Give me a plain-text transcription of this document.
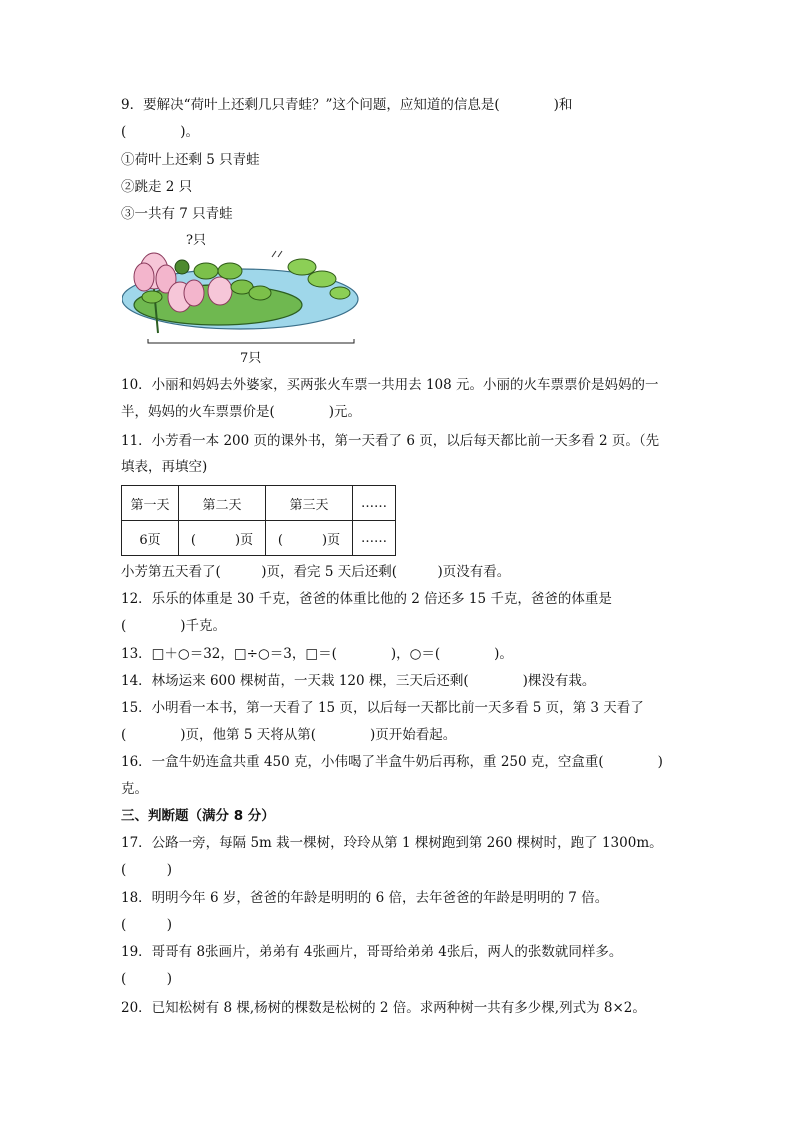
9．要解决“荷叶上还剩几只青蛙？”这个问题，应知道的信息是(　　　　)和
(　　　　)。
①荷叶上还剩 5 只青蛙
②跳走 2 只
③一共有 7 只青蛙
?只
7只
10．小丽和妈妈去外婆家，买两张火车票一共用去 108 元。小丽的火车票票价是妈妈的一
半，妈妈的火车票票价是(　　　　)元。
11．小芳看一本 200 页的课外书，第一天看了 6 页，以后每天都比前一天多看 2 页。（先
填表，再填空)
第一天	第二天	第三天	……
6页	(　　　)页	(　　　)页	……
小芳第五天看了(　　　)页，看完 5 天后还剩(　　　)页没有看。
12．乐乐的体重是 30 千克，爸爸的体重比他的 2 倍还多 15 千克，爸爸的体重是
(　　　　)千克。
13．□＋○＝32，□÷○＝3，□＝(　　　　)，○＝(　　　　)。
14．林场运来 600 棵树苗，一天栽 120 棵，三天后还剩(　　　　)棵没有栽。
15．小明看一本书，第一天看了 15 页，以后每一天都比前一天多看 5 页，第 3 天看了
(　　　　)页，他第 5 天将从第(　　　　)页开始看起。
16．一盒牛奶连盒共重 450 克，小伟喝了半盒牛奶后再称，重 250 克，空盒重(　　　　)
克。
三、判断题（满分 8 分）
17．公路一旁，每隔 5m 栽一棵树，玲玲从第 1 棵树跑到第 260 棵树时，跑了 1300m。
(　　　)
18．明明今年 6 岁，爸爸的年龄是明明的 6 倍，去年爸爸的年龄是明明的 7 倍。
(　　　)
19．哥哥有 8张画片，弟弟有 4张画片，哥哥给弟弟 4张后，两人的张数就同样多。
(　　　)
20．已知松树有 8 棵,杨树的棵数是松树的 2 倍。求两种树一共有多少棵,列式为 8×2。
